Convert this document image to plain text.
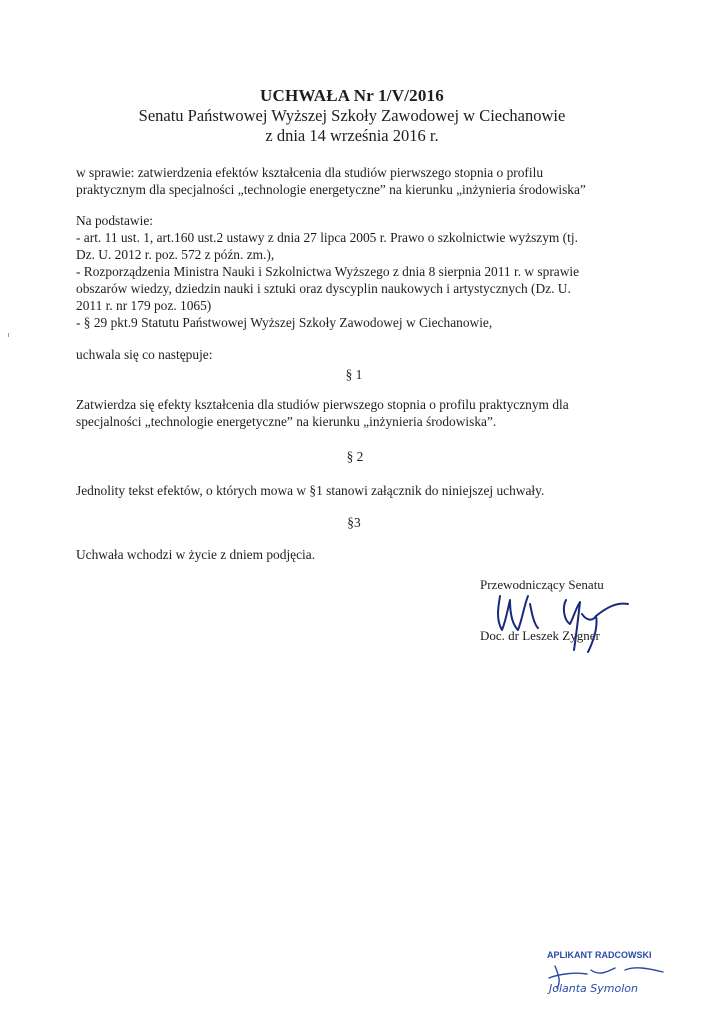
UCHWAŁA Nr 1/V/2016
Senatu Państwowej Wyższej Szkoły Zawodowej w Ciechanowie
z dnia 14 września 2016 r.
w sprawie: zatwierdzenia efektów kształcenia dla studiów pierwszego stopnia o profilu
praktycznym dla specjalności „technologie energetyczne” na kierunku „inżynieria środowiska”
Na podstawie:
- art. 11 ust. 1, art.160 ust.2 ustawy z dnia 27 lipca 2005 r. Prawo o szkolnictwie wyższym (tj.
Dz. U. 2012 r. poz. 572 z późn. zm.),
- Rozporządzenia Ministra Nauki i Szkolnictwa Wyższego z dnia 8 sierpnia 2011 r. w sprawie
obszarów wiedzy, dziedzin nauki i sztuki oraz dyscyplin naukowych i artystycznych (Dz. U.
2011 r. nr 179 poz. 1065)
- § 29 pkt.9 Statutu Państwowej Wyższej Szkoły Zawodowej w Ciechanowie,
uchwala się co następuje:
§ 1
Zatwierdza się efekty kształcenia dla studiów pierwszego stopnia o profilu praktycznym dla
specjalności „technologie energetyczne” na kierunku „inżynieria środowiska”.
§ 2
Jednolity tekst efektów, o których mowa w §1 stanowi załącznik do niniejszej uchwały.
§3
Uchwała wchodzi w życie z dniem podjęcia.
Przewodniczący Senatu
Doc. dr Leszek Zygner
APLIKANT RADCOWSKI
Jolanta Symolon
